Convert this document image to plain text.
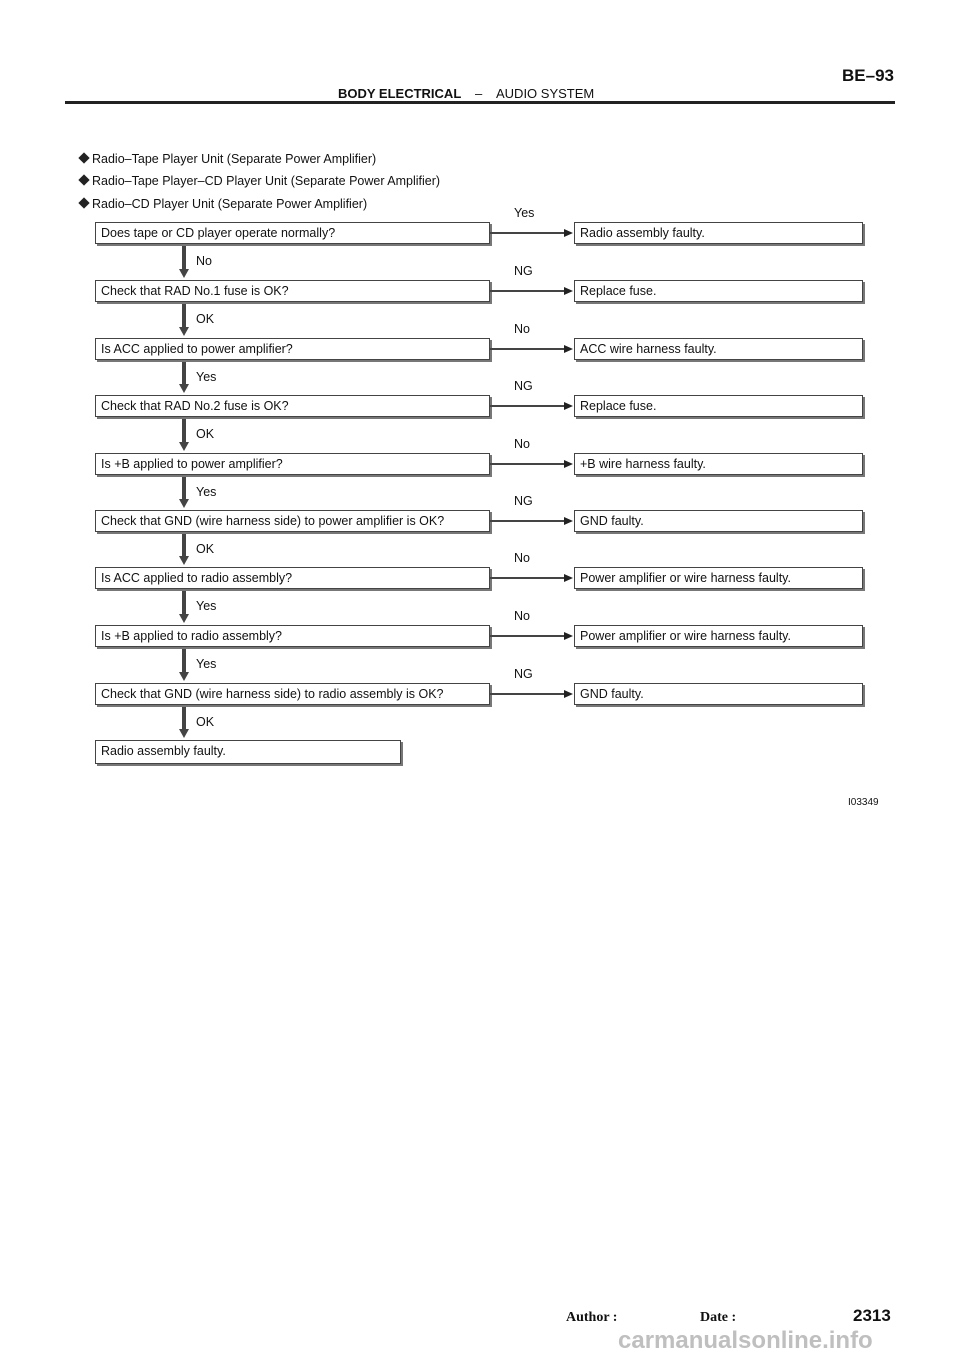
BE–93
BODY ELECTRICAL – AUDIO SYSTEM
Radio–Tape Player Unit (Separate Power Amplifier)
Radio–Tape Player–CD Player Unit (Separate Power Amplifier)
Radio–CD Player Unit (Separate Power Amplifier)
Does tape or CD player operate normally?
Yes
Radio assembly faulty.
No
Check that RAD No.1 fuse is OK?
NG
Replace fuse.
OK
Is ACC applied to power amplifier?
No
ACC wire harness faulty.
Yes
Check that RAD No.2 fuse is OK?
NG
Replace fuse.
OK
Is +B applied to power amplifier?
No
+B wire harness faulty.
Yes
Check that GND (wire harness side) to power amplifier is OK?
NG
GND faulty.
OK
Is ACC applied to radio assembly?
No
Power amplifier or wire harness faulty.
Yes
Is +B applied to radio assembly?
No
Power amplifier or wire harness faulty.
Yes
Check that GND (wire harness side) to radio assembly is OK?
NG
GND faulty.
OK
Radio assembly faulty.
I03349
2313
Author :	Date :
carmanualsonline.info
